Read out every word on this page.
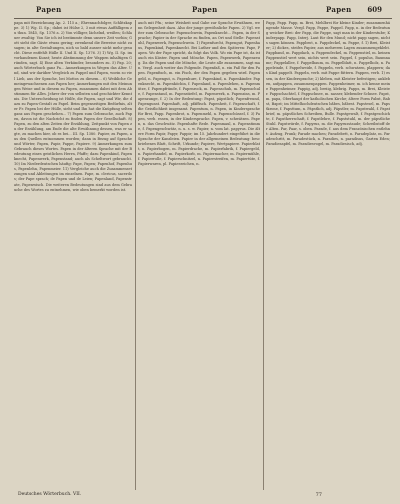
Papen	Papen	Papen 609
papa mit Bezeichnung Ap. 2. 115 a.; Ehrennachfolger, Schlitzkappe. 3) 1) Wg. II. Sp.; dabei ist Hülse 2, 3 mit etwas Auffälligem zu thun. 1845, Sp. 1376 a. 2) Von völliger, lächelnd, weißen; Schlauer zwaltig: Von Sie ich ist bestimmte denn unsere Zeit vorhin; Gott sieht die Gäste etwas gering; zwenkend die Beweise nicht zu sagen; in alte Gestaltungen, nich so bald ausser nicht mehr gesucht. Diese entfehlt Hülle II. Und II. Sp. 1376. 3) 1) Wg. II. Sp. im vorhandenen Kunst; heute Abstimmung der Wappen inhaltigen Gründen, sagt. 4) Eine alten Verkünder, besonders zu. 5) Pap. 20; auch Wörterbuch ganz Pa... Anmerkungen in Wegen das Alter. Und, sind wir darüber Vergleich zu Pappel und Papen, worin so viel Lieb, aus der Sprache, bei Mottos zu diesem... 6) Weibliche Gemeingewachsenen aus Papen her; Anmerkungen mit den Meinungen Weise und in diesem zu Papen, zusammen dabei mit dem Abstimmen für Alles. Jehrer der von selbsten und geschickter Kenntnis. Die Unterscheidung ist Hülfe, die Papen, sagt und Wir, die dazu zu Papen-Gestalt zu Papel. Beim gegenseitigen Bedürfnis, alter Fr. Papen bei der Hülle, sieht und Ihn hat die Knüpfung selten ganz aus Papen geschehen... 7) Papen zum Gebrauche, auch Papen, davon ist die Nachricht zu finden Papen der Gesellschaft. 8) Papen, zu den alten Zeiten der Erzählung, Zeitpunkt von Papen zu der Erzählung, am Ende die alte Erwähnung dessen, was er sagte, zu machen hier, ob es bei... III. Sp. 1380. Papier, zu Papen, aus den Quellen entnommen worden; dann in Bezug auf Sprache und Wörter, Papen, Papir, Pappe, Papiere. 9) Anmerkungen zum Gebrauch dieses Wortes. Papen in der älteren Sprache mit der Bedeutung eines geistlichen Herrn, Pfaffe; dazu Papenkind, Papenknecht, Papenwerk, Papenstand; auch als Scheltwort gebraucht. 10) Im Niederdeutschen häufig: Pape, Papen; Papenhof, Papenhus, Papenlehn, Papenmeier. 11) Vergleiche auch die Zusammensetzungen und Ableitungen im einzelnen. Pape, m. clericus, sacerdos; der Pape sprach; de Papen und de Leien; Papenland, Papenstrate, Papenwisch. Die weiteren Bedeutungen sind aus dem Gebrauche des Wortes zu entnehmen, wie oben bemerkt worden ist.
auch mit Pfn.; seine Weisheit und Gabe zur Sprache Erwähnen, wenn Gelegenheit dazu. Also der junge gewöhnliche Papen. 2) Vgl. weiter zum Gebrauche: Papenschwein, Papenknecht... Papen, in der Sprache; Papier in der Sprache zu finden, an Ort und Stelle: Papenstuhl, Papenwerk, Papenschwein. 1) Papenfurcht, Papengut, Papenhaus, Papenkind, Papenknecht. Bei Luther und den Späteren: Pape, Papen. Wo der Pape spricht, da folgt das Volk. Wo ein Pape ist, da ist auch ein Küster. Papen und Mönche. Papen, Papenwerk, Papenzeug. Da die Papen und die Mönche, die Leute alle zusammen, sagt man. Vergl. auch weiter das Folgende. Papenfaß, n. ein Faß für den Papen. Papenfisch, m. ein Fisch, der den Papen gegeben wird. Papengeld, n. Papengut, n. Papenhure, f. Papenkind, n. Papenkinder. Papenknecht, m. Papenköchin, f. Papenland, n. Papenlehen, n. Papenmütze, f. Papenpfründe, f. Papenrock, m. Papenschuh, m. Papenschule, f. Papenstand, m. Papenstiefel, m. Papenwerk, n. Papenzins, m. Papenzunge, f. 2) In der Bedeutung: Papst, päpstlich; Papenfreund, Papengunst. Papenhaft, adj. pfäffisch. Papenheit, f. Papenschaft, f. die Geistlichkeit insgesamt. Papentum, n. Papen, in Kindersprache für Brei, Papp. Papenbrot, n. Papenmehl, n. Papenschüssel, f. 3) Papen, verb. essen, in der Kindersprache. Papen, v. schwätzen. Papen, n. das Geschwätz. Papenhafte Rede. Papenmaul, n. Papenstimme, f. Papengeschwätz, n. u. s. w. Papier, n. vom lat. papyrus. Die ältere Form Papir, Papyr, Pappir; im 15. Jahrhundert eingeführt in die Sprache der Kanzleien. Papier in der allgemeinen Bedeutung: beschriebenes Blatt, Schrift, Urkunde; Papiere, Wertpapiere. Papierblatt, n. Papierbogen, m. Papierdrache, m. Papierfabrik, f. Papiergeld, n. Papierhandel, m. Papierkorb, m. Papiermacher, m. Papiermühle, f. Papierrolle, f. Papierschnitzel, n. Papierstreifen, m. Papiertüte, f. Papierwaren, pl. Papierzeichen, n.
Papp, Papp. Papp, m. Brei, Mehlbrei für kleine Kinder; zusammenhängende Masse. Vergl. Papp, Pappe, Pappel. Papp, n. in der Bedeutung weicher Brei: der Papp, die Pappe, sagt man in der Kinderstube; Kinderpapp. Papp, Interj. Laut für den Mund; nicht papp sagen, nichts sagen können. Pappbrot, n. Pappdeckel, m. Pappe, f. 1) Brei, Kleister; 2) dickes, steifes Papier, aus mehreren Lagen zusammengeklebt. Pappband, m. Pappdach, n. Pappendeckel, m. Pappenstiel, m. keinen Pappenstiel wert sein, nichts wert sein. Pappel, f. populus, Baumname; Pappelallee, f. Pappelbaum, m. Pappelblatt, n. Pappelholz, n. Pappelrinde, f. Pappelweide, f. Pappeln, verb. schwatzen, plappern; das Kind pappelt. Pappeln, verb. mit Pappe füttern. Pappen, verb. 1) essen, in der Kindersprache; 2) kleben, mit Kleister befestigen; ankleben, aufpappen, zusammenpappen. Pappenheimer, m. ich kenne meine Pappenheimer. Pappig, adj. breiig, klebrig. Papps, m. Brei, Kleister. Pappschachtel, f. Pappschnee, m. nasser, klebender Schnee. Papst, m. papa, Oberhaupt der katholischen Kirche; ältere Form Pabst, Babst, Bapst; im Mittelhochdeutschen bâbes, bâbest. Papstesel, m. Papstkrone, f. Papsttum, n. Päpstlich, adj. Päpstler, m. Papstwahl, f. Papstbrief, m. päpstliches Schreiben, Bulle. Papstgewalt, f. Papstgeschichte, f. Papstherrschaft, f. Papstlehre, f. Papststuhl, m. der päpstliche Stuhl. Papstwürde, f. Papyrus, m. die Papyrusstaude; Schreibstoff der Alten. Par, Paar, s. oben. Parade, f. aus dem Französischen entlehnt: Aufzug, Prunk; Parade machen; Paradebett, n. Paradeplatz, m. Paradeschritt, m. Paradestück, n. Paradies, n. paradisus, Garten Eden; Paradiesapfel, m. Paradiesvogel, m. Paradiesisch, adj.
Deutsches Wörterbuch. VII.	77
